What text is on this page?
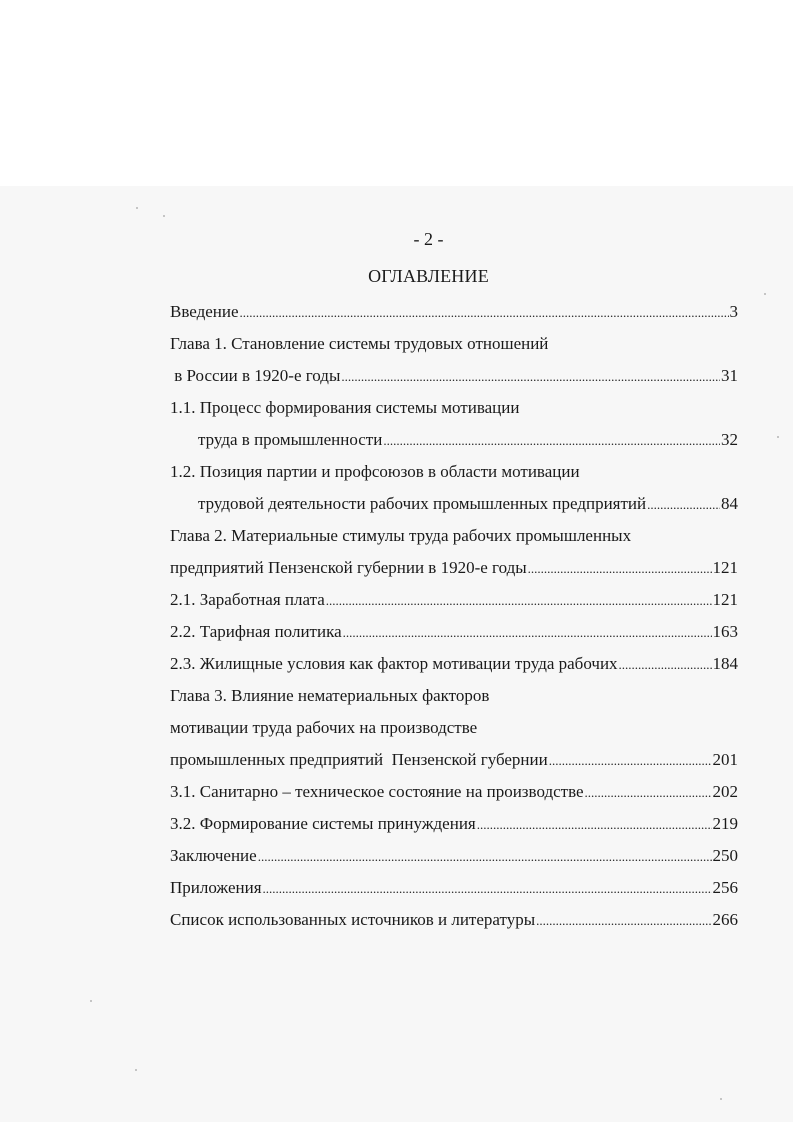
- 2 -
ОГЛАВЛЕНИЕ
Введение .....	3
Глава 1. Становление системы трудовых отношений
в России в 1920-е годы .....	31
1.1. Процесс формирования системы мотивации
труда в промышленности .....	32
1.2. Позиция партии и профсоюзов в области мотивации
трудовой деятельности рабочих промышленных предприятий .....	84
Глава 2. Материальные стимулы труда рабочих промышленных
предприятий Пензенской губернии в 1920-е годы .....	121
2.1. Заработная плата .....	121
2.2. Тарифная политика .....	163
2.3. Жилищные условия как фактор мотивации труда рабочих .....	184
Глава 3. Влияние нематериальных факторов
мотивации труда рабочих на производстве
промышленных предприятий  Пензенской губернии .....	201
3.1. Санитарно – техническое состояние на производстве .....	202
3.2. Формирование системы принуждения .....	219
Заключение .....	250
Приложения .....	256
Список использованных источников и литературы .....	266
